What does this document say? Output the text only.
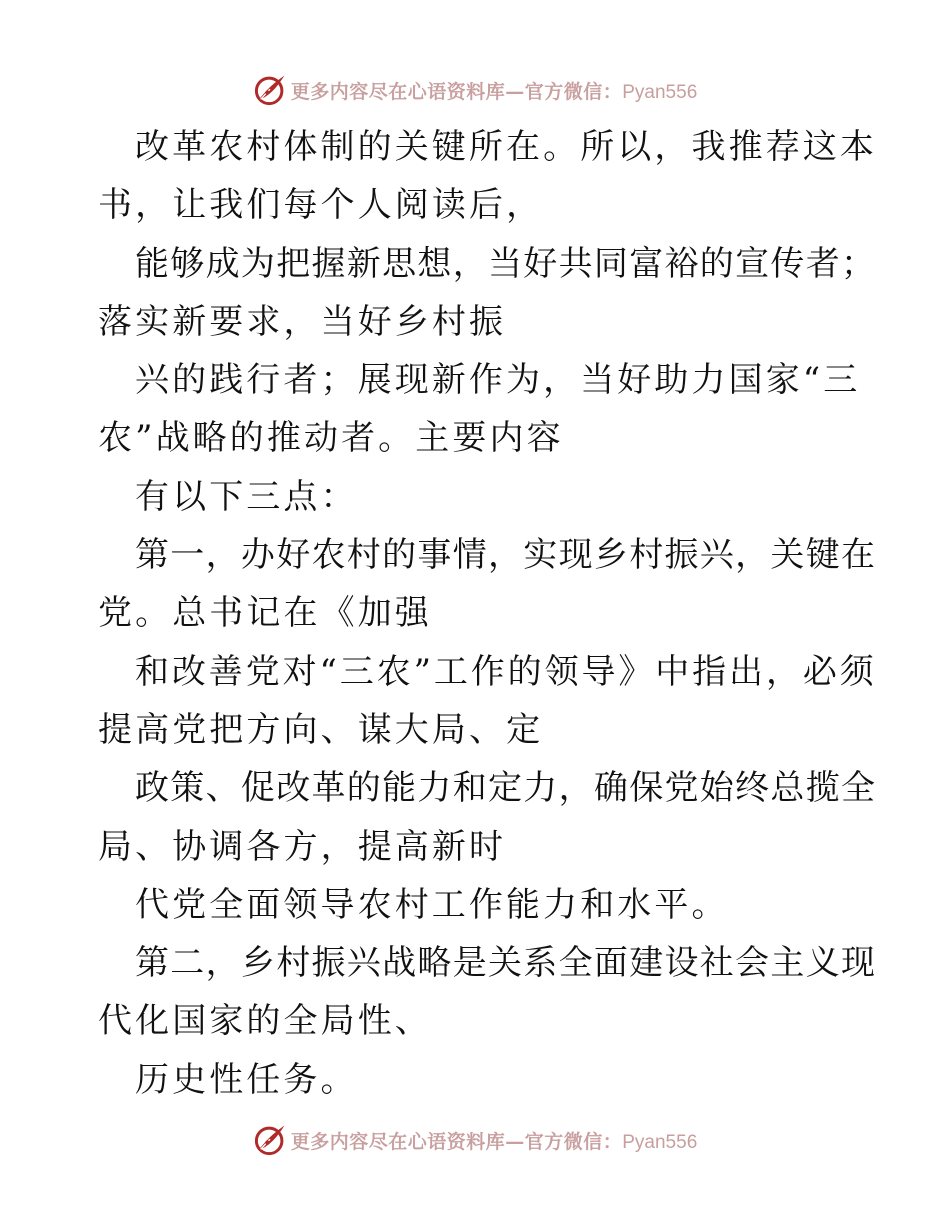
更多内容尽在心语资料库—官方微信：Pyan556
改革农村体制的关键所在。所以，我推荐这本
书，让我们每个人阅读后，
能够成为把握新思想，当好共同富裕的宣传者；
落实新要求，当好乡村振
兴的践行者；展现新作为，当好助力国家“三
农”战略的推动者。主要内容
有以下三点：
第一，办好农村的事情，实现乡村振兴，关键在
党。总书记在《加强
和改善党对“三农”工作的领导》中指出，必须
提高党把方向、谋大局、定
政策、促改革的能力和定力，确保党始终总揽全
局、协调各方，提高新时
代党全面领导农村工作能力和水平。
第二，乡村振兴战略是关系全面建设社会主义现
代化国家的全局性、
历史性任务。
更多内容尽在心语资料库—官方微信：Pyan556
